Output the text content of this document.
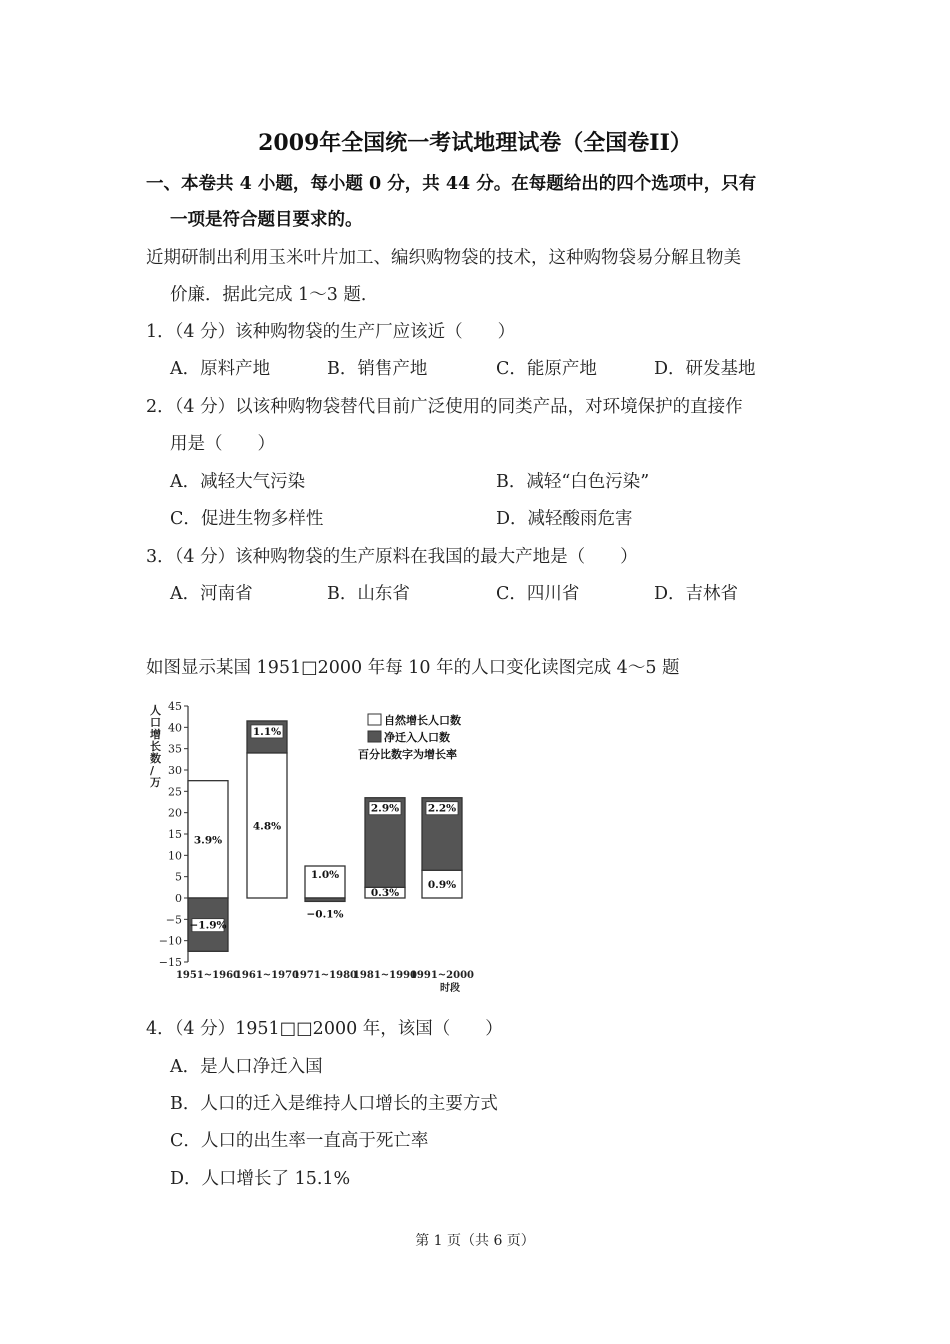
2009年全国统一考试地理试卷（全国卷II）
一、本卷共 4 小题，每小题 0 分，共 44 分。在每题给出的四个选项中，只有
一项是符合题目要求的。
近期研制出利用玉米叶片加工、编织购物袋的技术，这种购物袋易分解且物美
价廉．据此完成 1～3 题．
1．（4 分）该种购物袋的生产厂应该近（　　）
A．原料产地	B．销售产地	C．能原产地	D．研发基地
2．（4 分）以该种购物袋替代目前广泛使用的同类产品，对环境保护的直接作
用是（　　）
A．减轻大气污染	B．减轻“白色污染”
C．促进生物多样性	D．减轻酸雨危害
3．（4 分）该种购物袋的生产原料在我国的最大产地是（　　）
A．河南省	B．山东省	C．四川省	D．吉林省
如图显示某国 1951□2000 年每 10 年的人口变化读图完成 4～5 题
人口增长数/万
45
40
35
30
25
20
15
10
5
0
−5
−10
−15
3.9%
−1.9%
1951~1960
4.8%
1.1%
1961~1970
1.0%
−0.1%
1971~1980
0.3%
2.9%
1981~1990
0.9%
2.2%
1991~2000
时段
自然增长人口数
净迁入人口数
百分比数字为增长率
4．（4 分）1951□□2000 年，该国（　　）
A．是人口净迁入国
B．人口的迁入是维持人口增长的主要方式
C．人口的出生率一直高于死亡率
D．人口增长了 15.1%
第 1 页（共 6 页）
